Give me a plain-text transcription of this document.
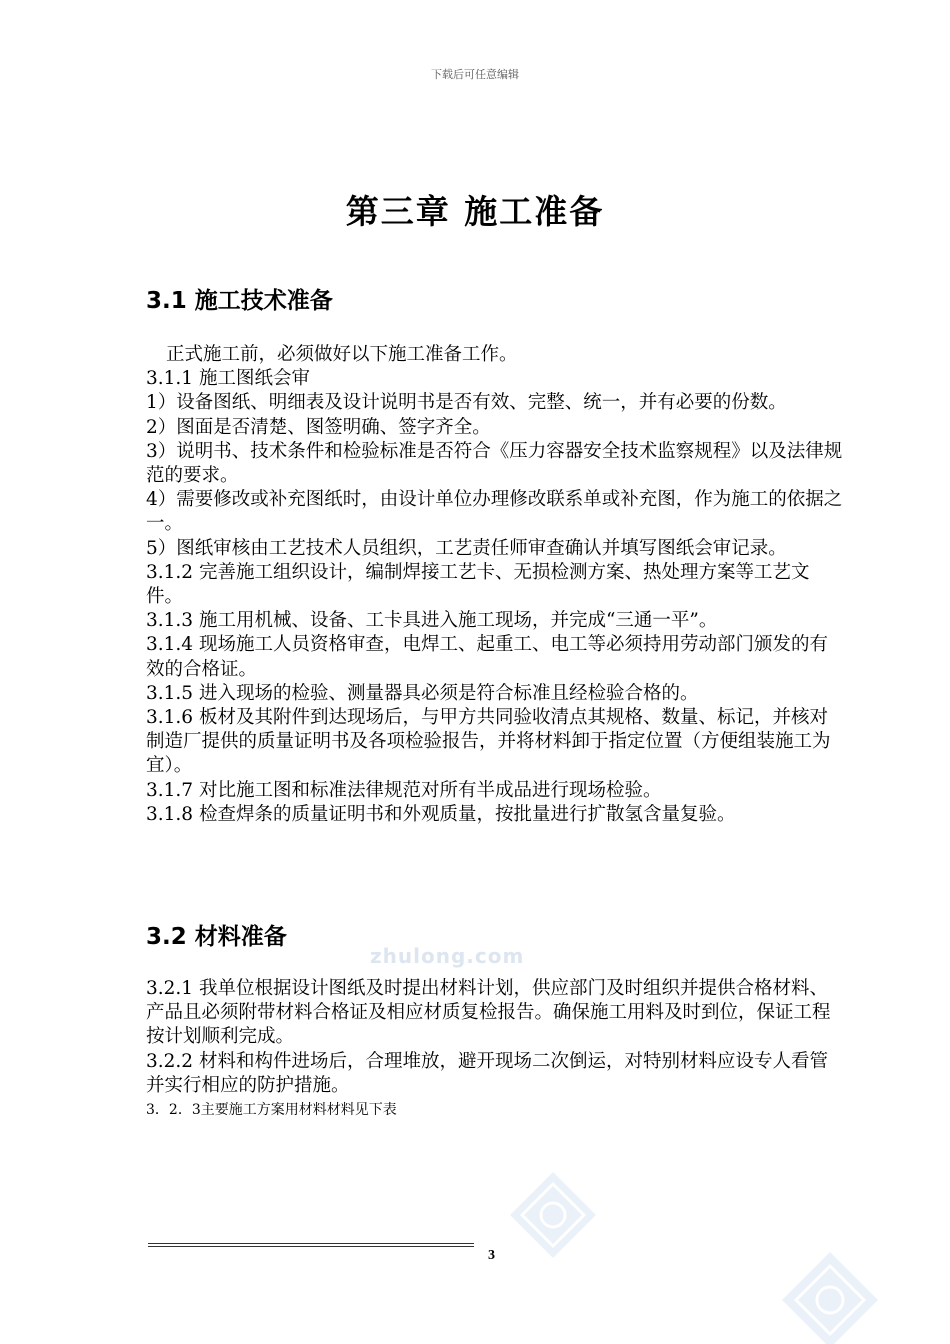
下载后可任意编辑
第三章 施工准备
3.1 施工技术准备

正式施工前，必须做好以下施工准备工作。

3.1.1 施工图纸会审

1）设备图纸、明细表及设计说明书是否有效、完整、统一，并有必要的份数。

2）图面是否清楚、图签明确、签字齐全。

3）说明书、技术条件和检验标准是否符合《压力容器安全技术监察规程》以及法律规范的要求。

4）需要修改或补充图纸时，由设计单位办理修改联系单或补充图，作为施工的依据之一。

5）图纸审核由工艺技术人员组织，工艺责任师审查确认并填写图纸会审记录。

3.1.2 完善施工组织设计，编制焊接工艺卡、无损检测方案、热处理方案等工艺文件。

3.1.3 施工用机械、设备、工卡具进入施工现场，并完成“三通一平”。

3.1.4 现场施工人员资格审查，电焊工、起重工、电工等必须持用劳动部门颁发的有效的合格证。

3.1.5 进入现场的检验、测量器具必须是符合标准且经检验合格的。

3.1.6 板材及其附件到达现场后，与甲方共同验收清点其规格、数量、标记，并核对制造厂提供的质量证明书及各项检验报告，并将材料卸于指定位置（方便组装施工为宜）。

3.1.7 对比施工图和标准法律规范对所有半成品进行现场检验。

3.1.8 检查焊条的质量证明书和外观质量，按批量进行扩散氢含量复验。

zhulong.com
3.2 材料准备

3.2.1 我单位根据设计图纸及时提出材料计划，供应部门及时组织并提供合格材料、产品且必须附带材料合格证及相应材质复检报告。确保施工用料及时到位，保证工程按计划顺利完成。

3.2.2 材料和构件进场后，合理堆放，避开现场二次倒运，对特别材料应设专人看管并实行相应的防护措施。

3．2．3主要施工方案用材料材料见下表

3
